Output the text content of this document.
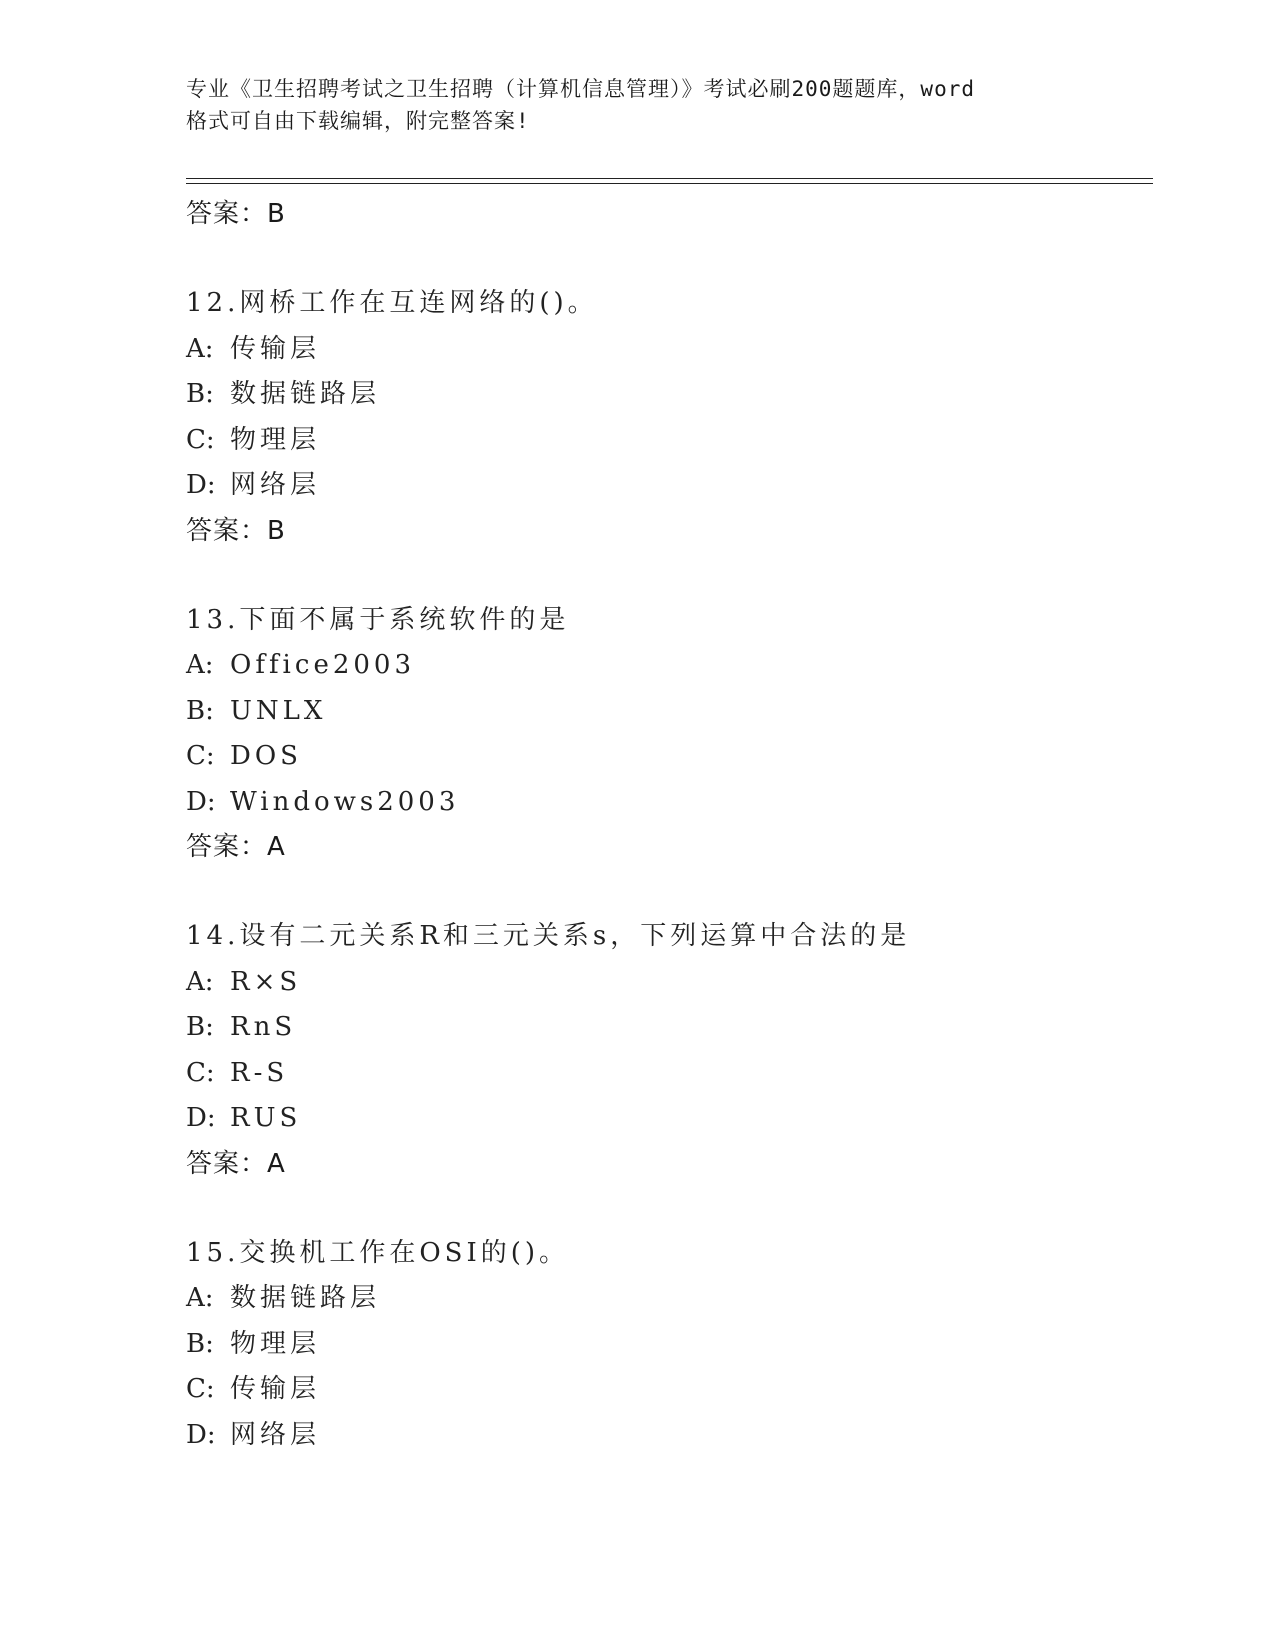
专业《卫生招聘考试之卫生招聘（计算机信息管理）》考试必刷200题题库，word
格式可自由下载编辑，附完整答案!
答案：B
12.网桥工作在互连网络的()。
A: 传输层
B: 数据链路层
C: 物理层
D: 网络层
答案：B
13.下面不属于系统软件的是
A: Office2003
B: UNLX
C: DOS
D: Windows2003
答案：A
14.设有二元关系R和三元关系s，下列运算中合法的是
A: R×S
B: RnS
C: R-S
D: RUS
答案：A
15.交换机工作在OSI的()。
A: 数据链路层
B: 物理层
C: 传输层
D: 网络层
